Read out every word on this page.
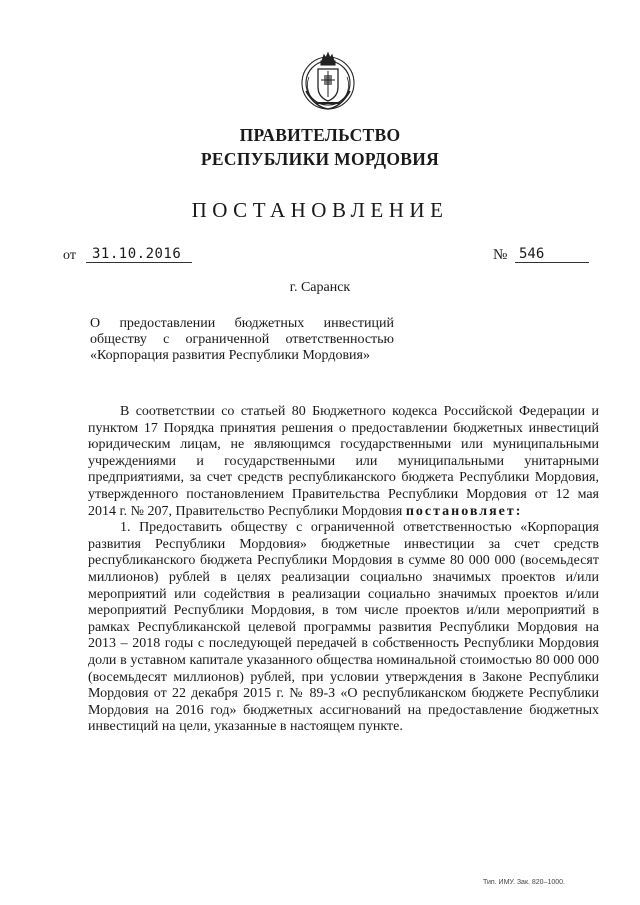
ПРАВИТЕЛЬСТВО
РЕСПУБЛИКИ МОРДОВИЯ
ПОСТАНОВЛЕНИЕ
от	31.10.2016	№ 546
г. Саранск
О предоставлении бюджетных инвестиций
обществу с ограниченной ответственностью
«Корпорация развития Республики Мордовия»

В соответствии со статьей 80 Бюджетного кодекса Российской Федерации и пунктом 17 Порядка принятия решения о предоставлении бюджетных инвестиций юридическим лицам, не являющимся государственными или муниципальными учреждениями и государственными или муниципальными унитарными предприятиями, за счет средств республиканского бюджета Республики Мордовия, утвержденного постановлением Правительства Республики Мордовия от 12 мая 2014 г. № 207, Правительство Республики Мордовия постановляет:

1. Предоставить обществу с ограниченной ответственностью «Корпорация развития Республики Мордовия» бюджетные инвестиции за счет средств республиканского бюджета Республики Мордовия в сумме 80 000 000 (восемьдесят миллионов) рублей в целях реализации социально значимых проектов и/или мероприятий или содействия в реализации социально значимых проектов и/или мероприятий Республики Мордовия, в том числе проектов и/или мероприятий в рамках Республиканской целевой программы развития Республики Мордовия на 2013 – 2018 годы с последующей передачей в собственность Республики Мордовия доли в уставном капитале указанного общества номинальной стоимостью 80 000 000 (восемьдесят миллионов) рублей, при условии утверждения в Законе Республики Мордовия от 22 декабря 2015 г. № 89-З «О республиканском бюджете Республики Мордовия на 2016 год» бюджетных ассигнований на предоставление бюджетных инвестиций на цели, указанные в настоящем пункте.

Тип. ИМУ. Зак. 820–1000.
